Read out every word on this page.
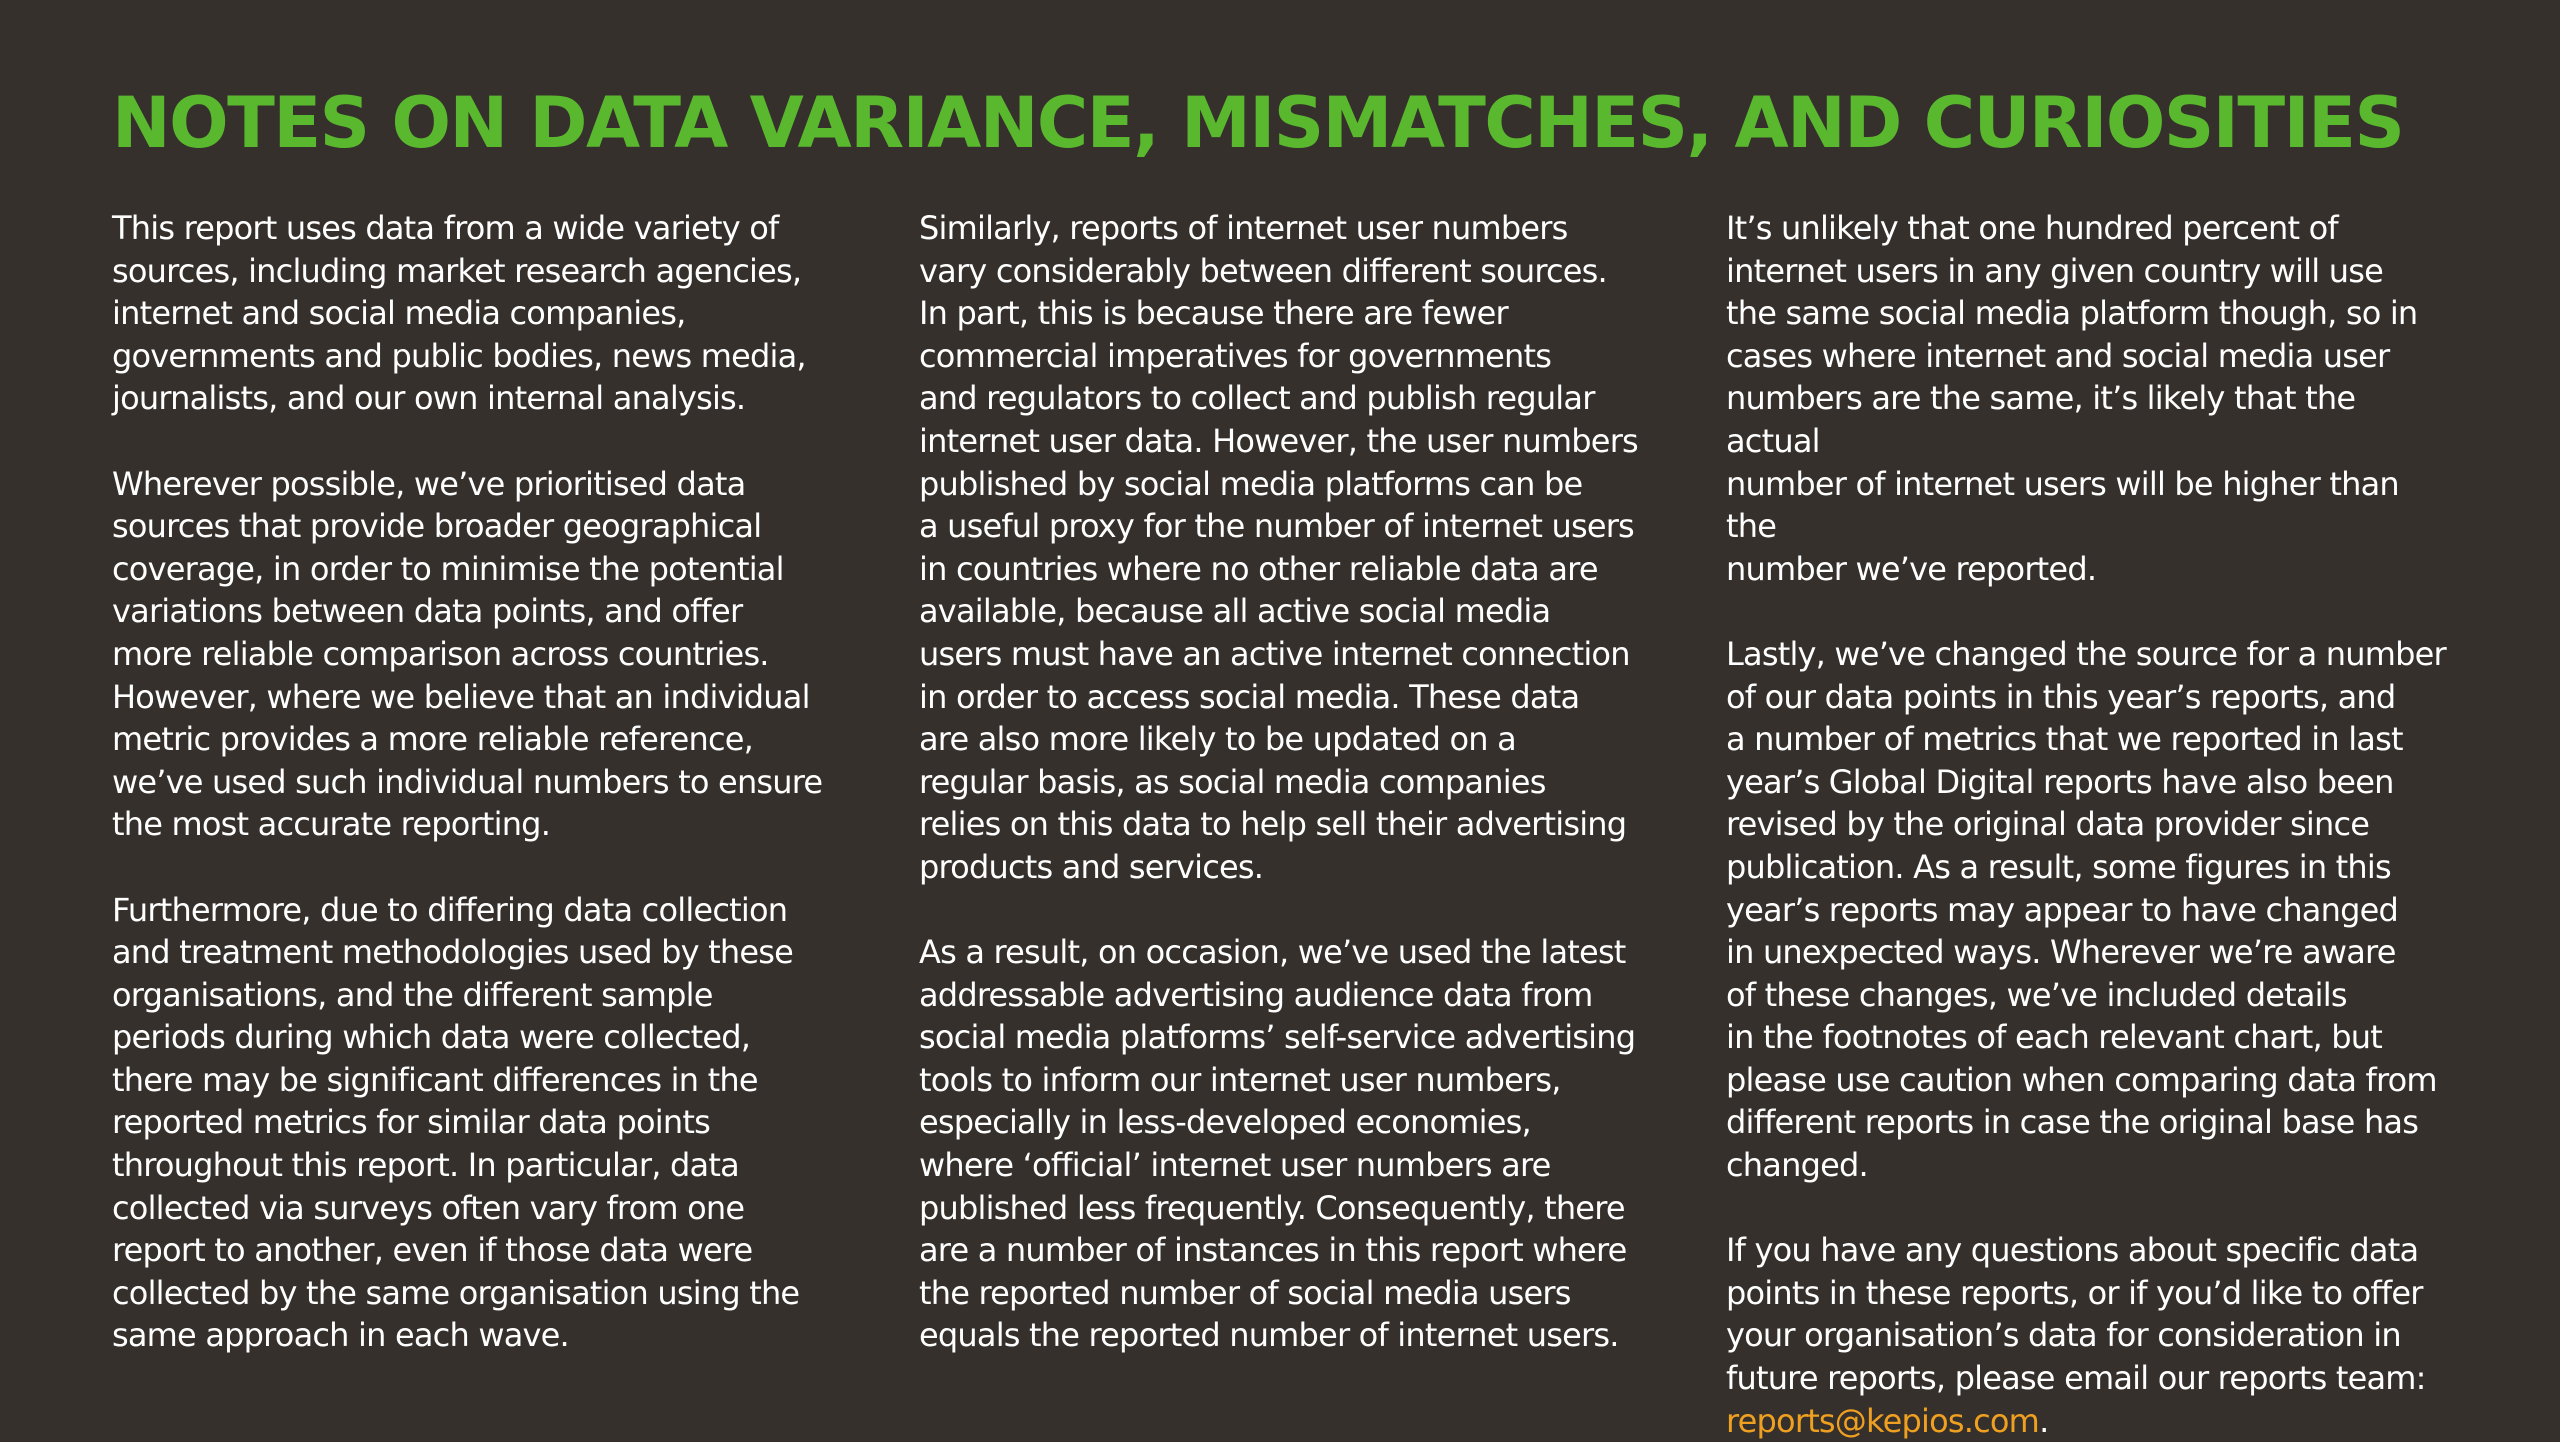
NOTES ON DATA VARIANCE, MISMATCHES, AND CURIOSITIES

This report uses data from a wide variety of
sources, including market research agencies,
internet and social media companies,
governments and public bodies, news media,
journalists, and our own internal analysis.

Wherever possible, we’ve prioritised data
sources that provide broader geographical
coverage, in order to minimise the potential
variations between data points, and offer
more reliable comparison across countries.
However, where we believe that an individual
metric provides a more reliable reference,
we’ve used such individual numbers to ensure
the most accurate reporting.

Furthermore, due to differing data collection
and treatment methodologies used by these
organisations, and the different sample
periods during which data were collected,
there may be significant differences in the
reported metrics for similar data points
throughout this report. In particular, data
collected via surveys often vary from one
report to another, even if those data were
collected by the same organisation using the
same approach in each wave.

Similarly, reports of internet user numbers
vary considerably between different sources.
In part, this is because there are fewer
commercial imperatives for governments
and regulators to collect and publish regular
internet user data. However, the user numbers
published by social media platforms can be
a useful proxy for the number of internet users
in countries where no other reliable data are
available, because all active social media
users must have an active internet connection
in order to access social media. These data
are also more likely to be updated on a
regular basis, as social media companies
relies on this data to help sell their advertising
products and services.

As a result, on occasion, we’ve used the latest
addressable advertising audience data from
social media platforms’ self-service advertising
tools to inform our internet user numbers,
especially in less-developed economies,
where ‘official’ internet user numbers are
published less frequently. Consequently, there
are a number of instances in this report where
the reported number of social media users
equals the reported number of internet users.

It’s unlikely that one hundred percent of
internet users in any given country will use
the same social media platform though, so in
cases where internet and social media user
numbers are the same, it’s likely that the actual
number of internet users will be higher than the
number we’ve reported.

Lastly, we’ve changed the source for a number
of our data points in this year’s reports, and
a number of metrics that we reported in last
year’s Global Digital reports have also been
revised by the original data provider since
publication. As a result, some figures in this
year’s reports may appear to have changed
in unexpected ways. Wherever we’re aware
of these changes, we’ve included details
in the footnotes of each relevant chart, but
please use caution when comparing data from
different reports in case the original base has
changed.

If you have any questions about specific data
points in these reports, or if you’d like to offer
your organisation’s data for consideration in
future reports, please email our reports team:
reports@kepios.com.
